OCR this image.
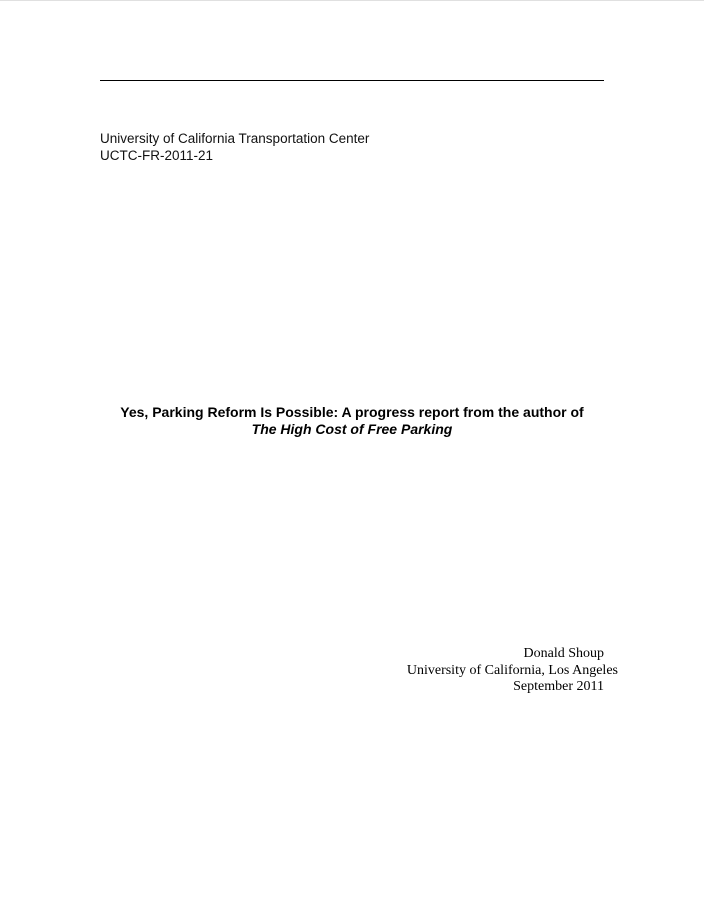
University of California Transportation Center
UCTC-FR-2011-21
Yes, Parking Reform Is Possible: A progress report from the author of
The High Cost of Free Parking
Donald Shoup
University of California, Los Angeles
September 2011
